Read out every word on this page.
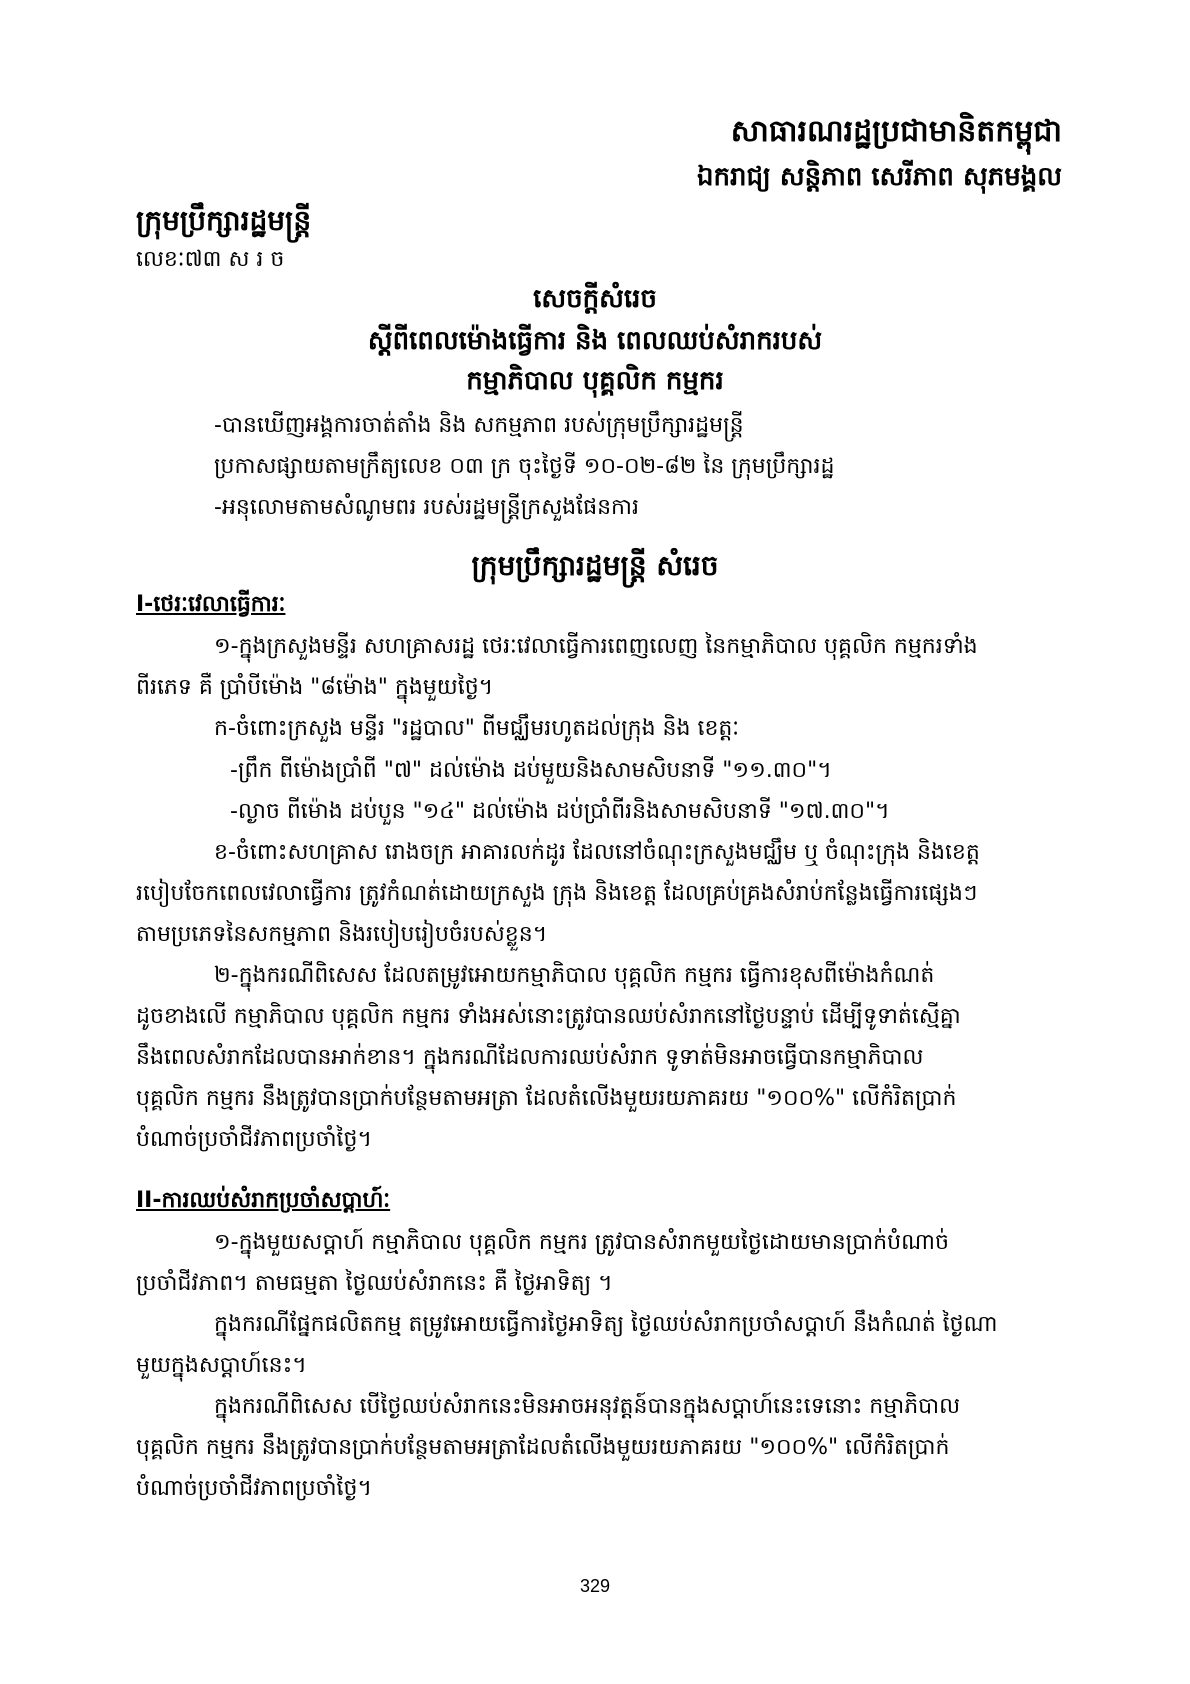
សាធារណរដ្ឋប្រជាមានិតកម្ពុជា
ឯករាជ្យ សន្តិភាព សេរីភាព សុភមង្គល
ក្រុមប្រឹក្សារដ្ឋមន្ត្រី
លេខៈ៧៣ ស រ ច
សេចក្តីសំរេច
ស្តីពីពេលម៉ោងធ្វើការ និង ពេលឈប់សំរាករបស់
កម្មាភិបាល បុគ្គលិក កម្មករ
-បានឃើញអង្គការចាត់តាំង និង សកម្មភាព របស់ក្រុមប្រឹក្សារដ្ឋមន្ត្រី
ប្រកាសផ្សាយតាមក្រឹត្យលេខ ០៣ ក្រ ចុះថ្ងៃទី ១០-០២-៨២ នៃ ក្រុមប្រឹក្សារដ្ឋ
-អនុលោមតាមសំណូមពរ របស់រដ្ឋមន្ត្រីក្រសួងផែនការ
ក្រុមប្រឹក្សារដ្ឋមន្ត្រី សំរេច
I-ថេរៈវេលាធ្វើការៈ
១-ក្នុងក្រសួងមន្ទីរ សហគ្រាសរដ្ឋ ថេរៈវេលាធ្វើការពេញលេញ នៃកម្មាភិបាល បុគ្គលិក កម្មករទាំង
ពីរភេទ គឺ ប្រាំបីម៉ោង "៨ម៉ោង" ក្នុងមួយថ្ងៃ។
ក-ចំពោះក្រសួង មន្ទីរ "រដ្ឋបាល" ពីមជ្ឈឹមរហូតដល់ក្រុង និង ខេត្តៈ
-ព្រឹក ពីម៉ោងប្រាំពី "៧" ដល់ម៉ោង ដប់មួយនិងសាមសិបនាទី "១១.៣០"។
-ល្ងាច ពីម៉ោង ដប់បួន "១៤" ដល់ម៉ោង ដប់ប្រាំពីរនិងសាមសិបនាទី "១៧.៣០"។
ខ-ចំពោះសហគ្រាស រោងចក្រ អាគារលក់ដូរ ដែលនៅចំណុះក្រសួងមជ្ឈឹម ឬ ចំណុះក្រុង និងខេត្ត
របៀបចែកពេលវេលាធ្វើការ ត្រូវកំណត់ដោយក្រសួង ក្រុង និងខេត្ត ដែលគ្រប់គ្រងសំរាប់កន្លែងធ្វើការផ្សេងៗ
តាមប្រភេទនៃសកម្មភាព និងរបៀបរៀបចំរបស់ខ្លួន។
២-ក្នុងករណីពិសេស ដែលតម្រូវអោយកម្មាភិបាល បុគ្គលិក កម្មករ ធ្វើការខុសពីម៉ោងកំណត់
ដូចខាងលើ កម្មាភិបាល បុគ្គលិក កម្មករ ទាំងអស់នោះត្រូវបានឈប់សំរាកនៅថ្ងៃបន្ទាប់ ដើម្បីទូទាត់ស្មើគ្នា
នឹងពេលសំរាកដែលបានអាក់ខាន។ ក្នុងករណីដែលការឈប់សំរាក ទូទាត់មិនអាចធ្វើបានកម្មាភិបាល
បុគ្គលិក កម្មករ នឹងត្រូវបានប្រាក់បន្ថែមតាមអត្រា ដែលតំលើងមួយរយភាគរយ "១០០%" លើកំរិតប្រាក់
បំណាច់ប្រចាំជីវភាពប្រចាំថ្ងៃ។
II-ការឈប់សំរាកប្រចាំសប្តាហ៍ៈ
១-ក្នុងមួយសប្តាហ៍ កម្មាភិបាល បុគ្គលិក កម្មករ ត្រូវបានសំរាកមួយថ្ងៃដោយមានប្រាក់បំណាច់
ប្រចាំជីវភាព។ តាមធម្មតា ថ្ងៃឈប់សំរាកនេះ គឺ ថ្ងៃអាទិត្យ ។
ក្នុងករណីផ្នែកផលិតកម្ម តម្រូវអោយធ្វើការថ្ងៃអាទិត្យ ថ្ងៃឈប់សំរាកប្រចាំសប្តាហ៍ នឹងកំណត់ ថ្ងៃណា
មួយក្នុងសប្តាហ៍នេះ។
ក្នុងករណីពិសេស បើថ្ងៃឈប់សំរាកនេះមិនអាចអនុវត្តន៍បានក្នុងសប្តាហ៍នេះទេនោះ កម្មាភិបាល
បុគ្គលិក កម្មករ នឹងត្រូវបានប្រាក់បន្ថែមតាមអត្រាដែលតំលើងមួយរយភាគរយ "១០០%" លើកំរិតប្រាក់
បំណាច់ប្រចាំជីវភាពប្រចាំថ្ងៃ។
329
